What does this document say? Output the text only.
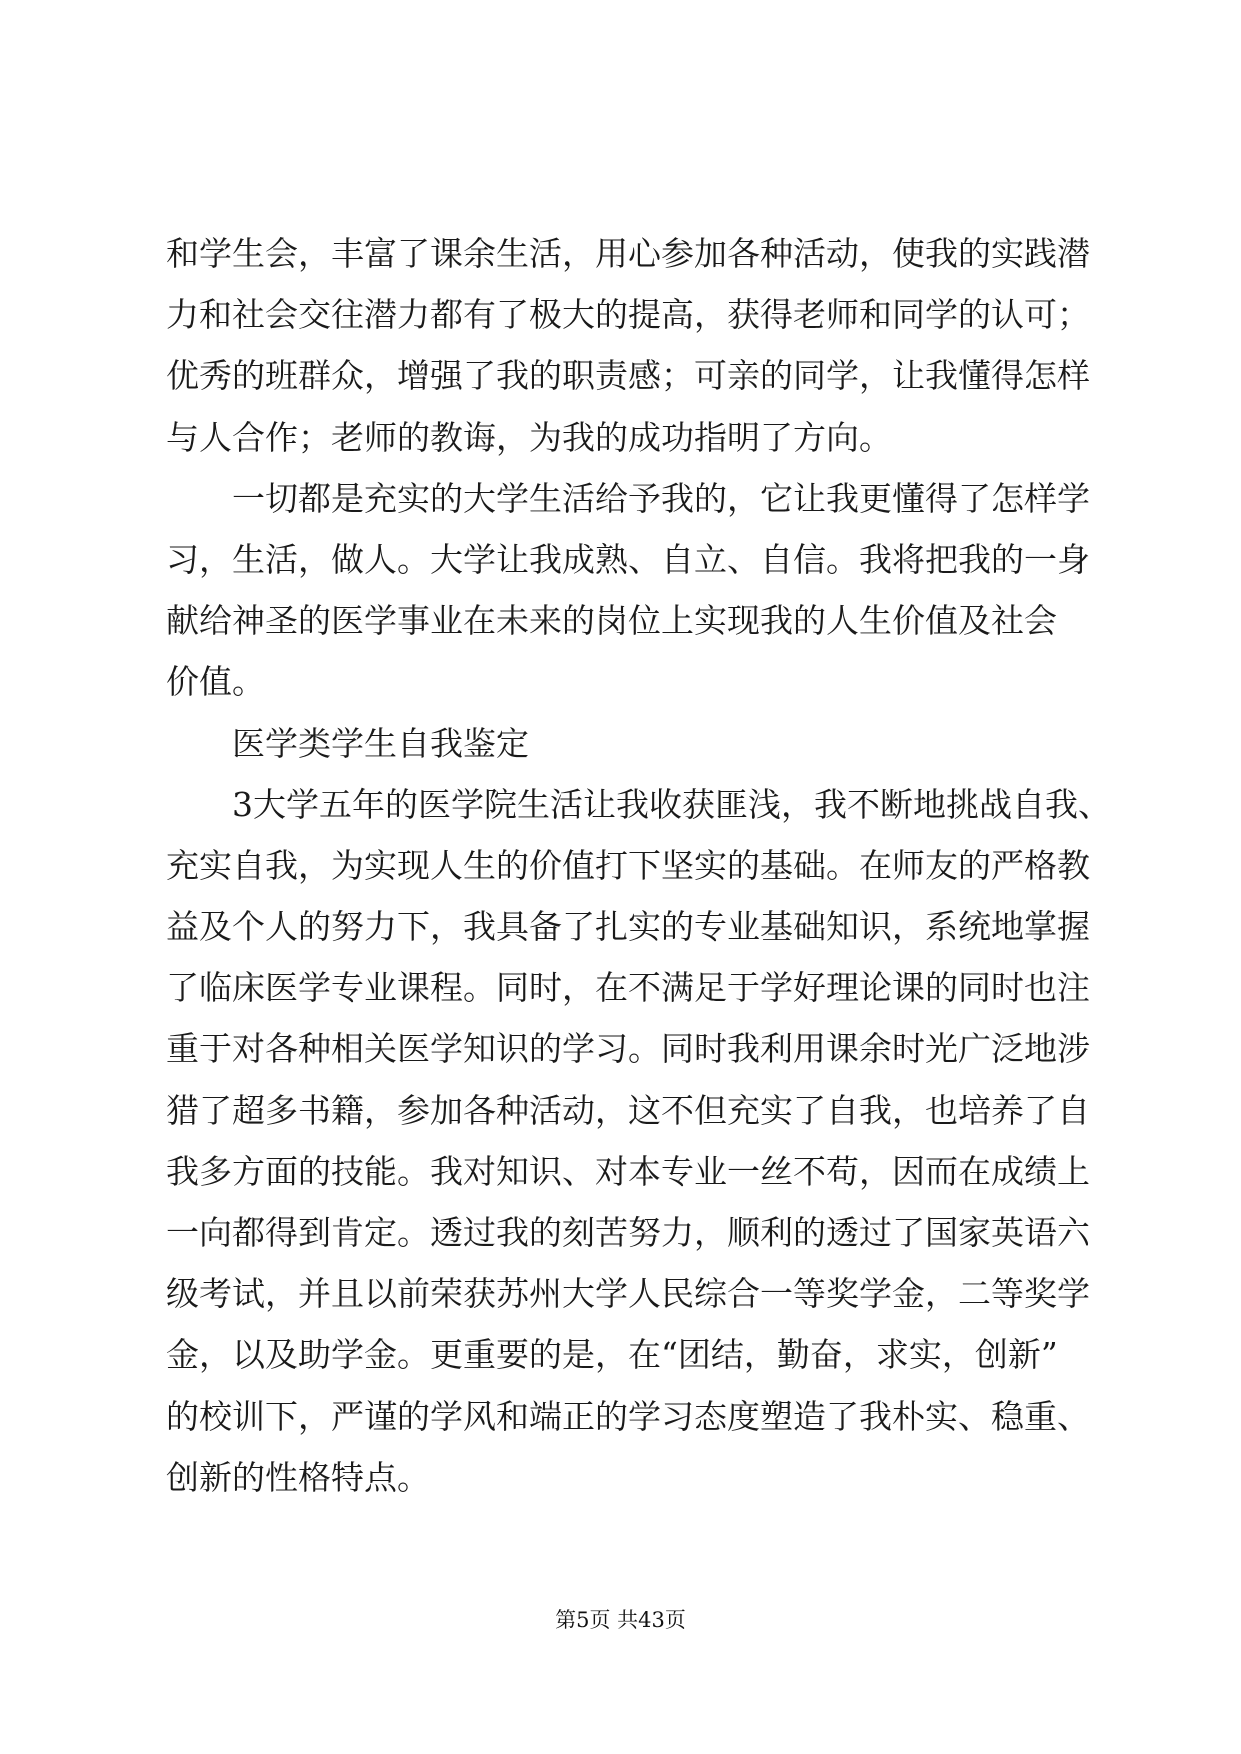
和学生会，丰富了课余生活，用心参加各种活动，使我的实践潜
力和社会交往潜力都有了极大的提高，获得老师和同学的认可；
优秀的班群众，增强了我的职责感；可亲的同学，让我懂得怎样
与人合作；老师的教诲，为我的成功指明了方向。
一切都是充实的大学生活给予我的，它让我更懂得了怎样学
习，生活，做人。大学让我成熟、自立、自信。我将把我的一身
献给神圣的医学事业在未来的岗位上实现我的人生价值及社会
价值。
医学类学生自我鉴定
3大学五年的医学院生活让我收获匪浅，我不断地挑战自我、
充实自我，为实现人生的价值打下坚实的基础。在师友的严格教
益及个人的努力下，我具备了扎实的专业基础知识，系统地掌握
了临床医学专业课程。同时，在不满足于学好理论课的同时也注
重于对各种相关医学知识的学习。同时我利用课余时光广泛地涉
猎了超多书籍，参加各种活动，这不但充实了自我，也培养了自
我多方面的技能。我对知识、对本专业一丝不苟，因而在成绩上
一向都得到肯定。透过我的刻苦努力，顺利的透过了国家英语六
级考试，并且以前荣获苏州大学人民综合一等奖学金，二等奖学
金，以及助学金。更重要的是，在“团结，勤奋，求实，创新”
的校训下，严谨的学风和端正的学习态度塑造了我朴实、稳重、
创新的性格特点。
第5页 共43页
